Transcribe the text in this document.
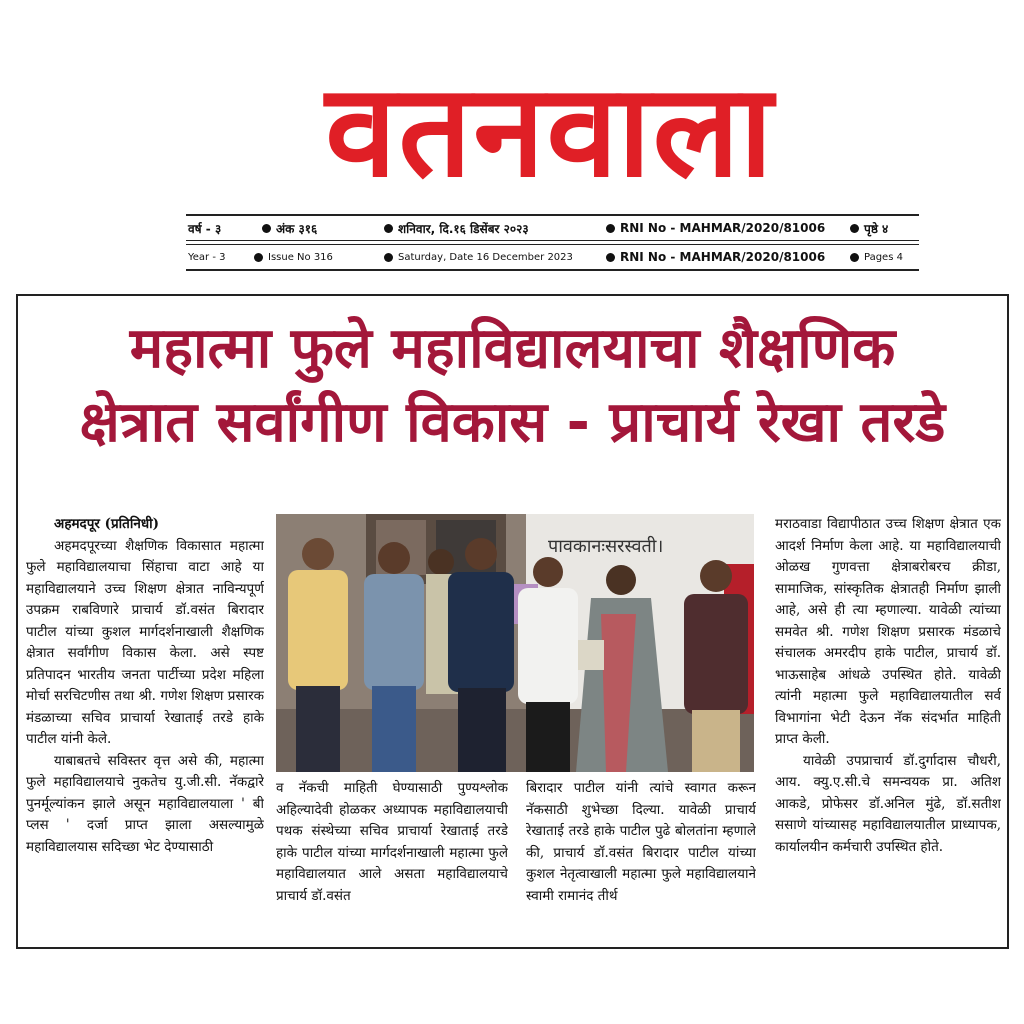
वतनवाला
वर्ष - ३	अंक ३१६	शनिवार, दि.१६ डिसेंबर २०२३	RNI No - MAHMAR/2020/81006	पृष्ठे ४
Year - 3	Issue No 316	Saturday, Date 16 December 2023	RNI No - MAHMAR/2020/81006	Pages 4
महात्मा फुले महाविद्यालयाचा शैक्षणिक
क्षेत्रात सर्वांगीण विकास - प्राचार्य रेखा तरडे

अहमदपूर (प्रतिनिधी)

अहमदपूरच्या शैक्षणिक विकासात महात्मा फुले महाविद्यालयाचा सिंहाचा वाटा आहे या महाविद्यालयाने उच्च शिक्षण क्षेत्रात नाविन्यपूर्ण उपक्रम राबविणारे प्राचार्य डॉ.वसंत बिरादार पाटील यांच्या कुशल मार्गदर्शनाखाली शैक्षणिक क्षेत्रात सर्वांगीण विकास केला. असे स्पष्ट प्रतिपादन भारतीय जनता पार्टीच्या प्रदेश महिला मोर्चा सरचिटणीस तथा श्री. गणेश शिक्षण प्रसारक मंडळाच्या सचिव प्राचार्या रेखाताई तरडे हाके पाटील यांनी केले.

याबाबतचे सविस्तर वृत्त असे की, महात्मा फुले महाविद्यालयाचे नुकतेच यु.जी.सी. नॅकद्वारे पुनर्मूल्यांकन झाले असून महाविद्यालयाला ' बी प्लस ' दर्जा प्राप्त झाला असल्यामुळे महाविद्यालयास सदिच्छा भेट देण्यासाठी

पावकानःसरस्वती।

व नॅकची माहिती घेण्यासाठी पुण्यश्लोक अहिल्यादेवी होळकर अध्यापक महाविद्यालयाची पथक संस्थेच्या सचिव प्राचार्या रेखाताई तरडे हाके पाटील यांच्या मार्गदर्शनाखाली महात्मा फुले महाविद्यालयात आले असता महाविद्यालयाचे प्राचार्य डॉ.वसंत

बिरादार पाटील यांनी त्यांचे स्वागत करून नॅकसाठी शुभेच्छा दिल्या. यावेळी प्राचार्य रेखाताई तरडे हाके पाटील पुढे बोलतांना म्हणाले की, प्राचार्य डॉ.वसंत बिरादार पाटील यांच्या कुशल नेतृत्वाखाली महात्मा फुले महाविद्यालयाने स्वामी रामानंद तीर्थ

मराठवाडा विद्यापीठात उच्च शिक्षण क्षेत्रात एक आदर्श निर्माण केला आहे. या महाविद्यालयाची ओळख गुणवत्ता क्षेत्राबरोबरच क्रीडा, सामाजिक, सांस्कृतिक क्षेत्रातही निर्माण झाली आहे, असे ही त्या म्हणाल्या. यावेळी त्यांच्या समवेत श्री. गणेश शिक्षण प्रसारक मंडळाचे संचालक अमरदीप हाके पाटील, प्राचार्य डॉ. भाऊसाहेब आंधळे उपस्थित होते. यावेळी त्यांनी महात्मा फुले महाविद्यालयातील सर्व विभागांना भेटी देऊन नॅक संदर्भात माहिती प्राप्त केली.

यावेळी उपप्राचार्य डॉ.दुर्गादास चौधरी, आय. क्यु.ए.सी.चे समन्वयक प्रा. अतिश आकडे, प्रोफेसर डॉ.अनिल मुंढे, डॉ.सतीश ससाणे यांच्यासह महाविद्यालयातील प्राध्यापक, कार्यालयीन कर्मचारी उपस्थित होते.
